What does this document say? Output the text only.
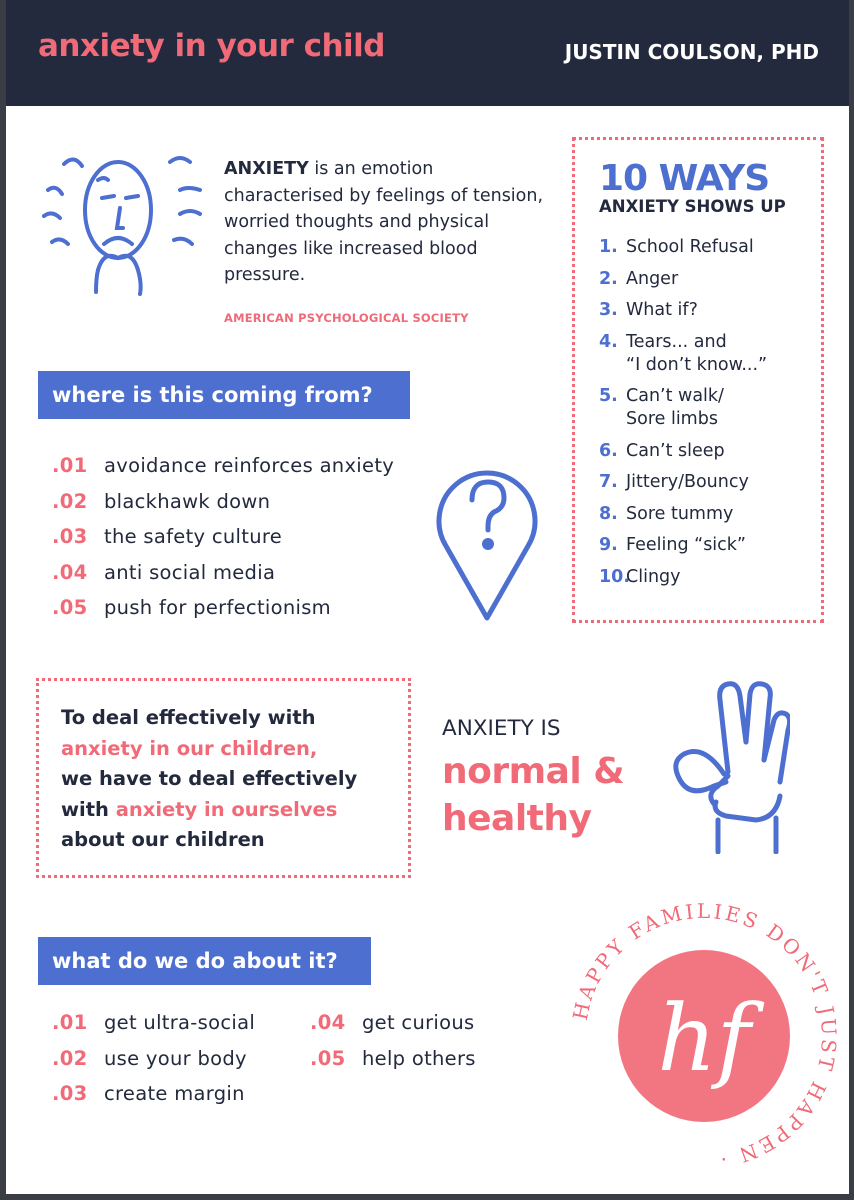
anxiety in your child	JUSTIN COULSON, PHD
ANXIETY is an emotion characterised by feelings of tension, worried thoughts and physical changes like increased blood pressure.
AMERICAN PSYCHOLOGICAL SOCIETY
where is this coming from?
.01 avoidance reinforces anxiety
.02 blackhawk down
.03 the safety culture
.04 anti social media
.05 push for perfectionism
10 WAYS
ANXIETY SHOWS UP
1. School Refusal
2. Anger
3. What if?
4. Tears... and
“I don’t know...”
5. Can’t walk/
Sore limbs
6. Can’t sleep
7. Jittery/Bouncy
8. Sore tummy
9. Feeling “sick”
10.
Clingy
To deal effectively with
anxiety in our children,
we have to deal effectively
with anxiety in ourselves
about our children
ANXIETY IS
normal &
healthy
what do we do about it?
.01 get ultra-social
.02 use your body
.03 create margin
.04 get curious
.05 help others
HAPPY FAMILIES DON'T JUST HAPPEN ·
hf
